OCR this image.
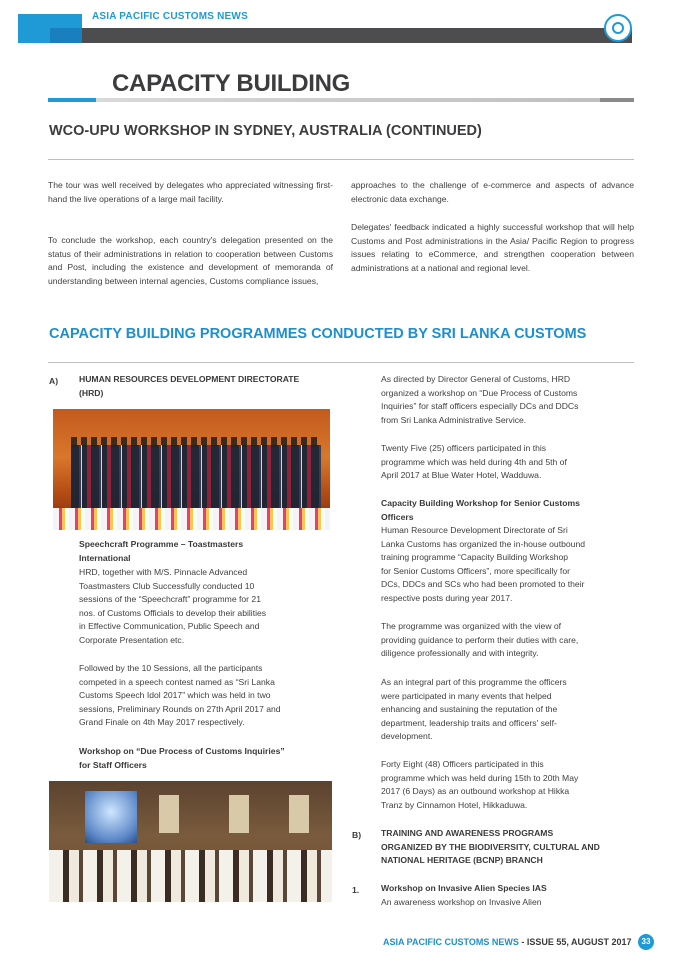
ASIA PACIFIC CUSTOMS NEWS
CAPACITY BUILDING
WCO-UPU WORKSHOP IN SYDNEY, AUSTRALIA (CONTINUED)

The tour was well received by delegates who appreciated witnessing first-hand the live operations of a large mail facility.

To conclude the workshop, each country's delegation presented on the status of their administrations in relation to cooperation between Customs and Post, including the existence and development of memoranda of understanding between internal agencies, Customs compliance issues,

approaches to the challenge of e-commerce and aspects of advance electronic data exchange.

Delegates' feedback indicated a highly successful workshop that will help Customs and Post administrations in the Asia/ Pacific Region to progress issues relating to eCommerce, and strengthen cooperation between administrations at a national and regional level.

CAPACITY BUILDING PROGRAMMES CONDUCTED BY SRI LANKA CUSTOMS
A) HUMAN RESOURCES DEVELOPMENT DIRECTORATE
(HRD)
Speechcraft Programme – Toastmasters
International
HRD, together with M/S. Pinnacle Advanced
Toastmasters Club Successfully conducted 10
sessions of the “Speechcraft” programme for 21
nos. of Customs Officials to develop their abilities
in Effective Communication, Public Speech and
Corporate Presentation etc.
Followed by the 10 Sessions, all the participants
competed in a speech contest named as “Sri Lanka
Customs Speech Idol 2017” which was held in two
sessions, Preliminary Rounds on 27th April 2017 and
Grand Finale on 4th May 2017 respectively.
Workshop on “Due Process of Customs Inquiries”
for Staff Officers
As directed by Director General of Customs, HRD
organized a workshop on “Due Process of Customs
Inquiries” for staff officers especially DCs and DDCs
from Sri Lanka Administrative Service.
Twenty Five (25) officers participated in this
programme which was held during 4th and 5th of
April 2017 at Blue Water Hotel, Wadduwa.
Capacity Building Workshop for Senior Customs
Officers
Human Resource Development Directorate of Sri
Lanka Customs has organized the in-house outbound
training programme “Capacity Building Workshop
for Senior Customs Officers”, more specifically for
DCs, DDCs and SCs who had been promoted to their
respective posts during year 2017.
The programme was organized with the view of
providing guidance to perform their duties with care,
diligence professionally and with integrity.
As an integral part of this programme the officers
were participated in many events that helped
enhancing and sustaining the reputation of the
department, leadership traits and officers' self-
development.
Forty Eight (48) Officers participated in this
programme which was held during 15th to 20th May
2017 (6 Days) as an outbound workshop at Hikka
Tranz by Cinnamon Hotel, Hikkaduwa.
B) TRAINING AND AWARENESS PROGRAMS
ORGANIZED BY THE BIODIVERSITY, CULTURAL AND
NATIONAL HERITAGE (BCNP) BRANCH
1.	Workshop on Invasive Alien Species IAS
An awareness workshop on Invasive Alien
ASIA PACIFIC CUSTOMS NEWS - ISSUE 55, AUGUST 2017	33
